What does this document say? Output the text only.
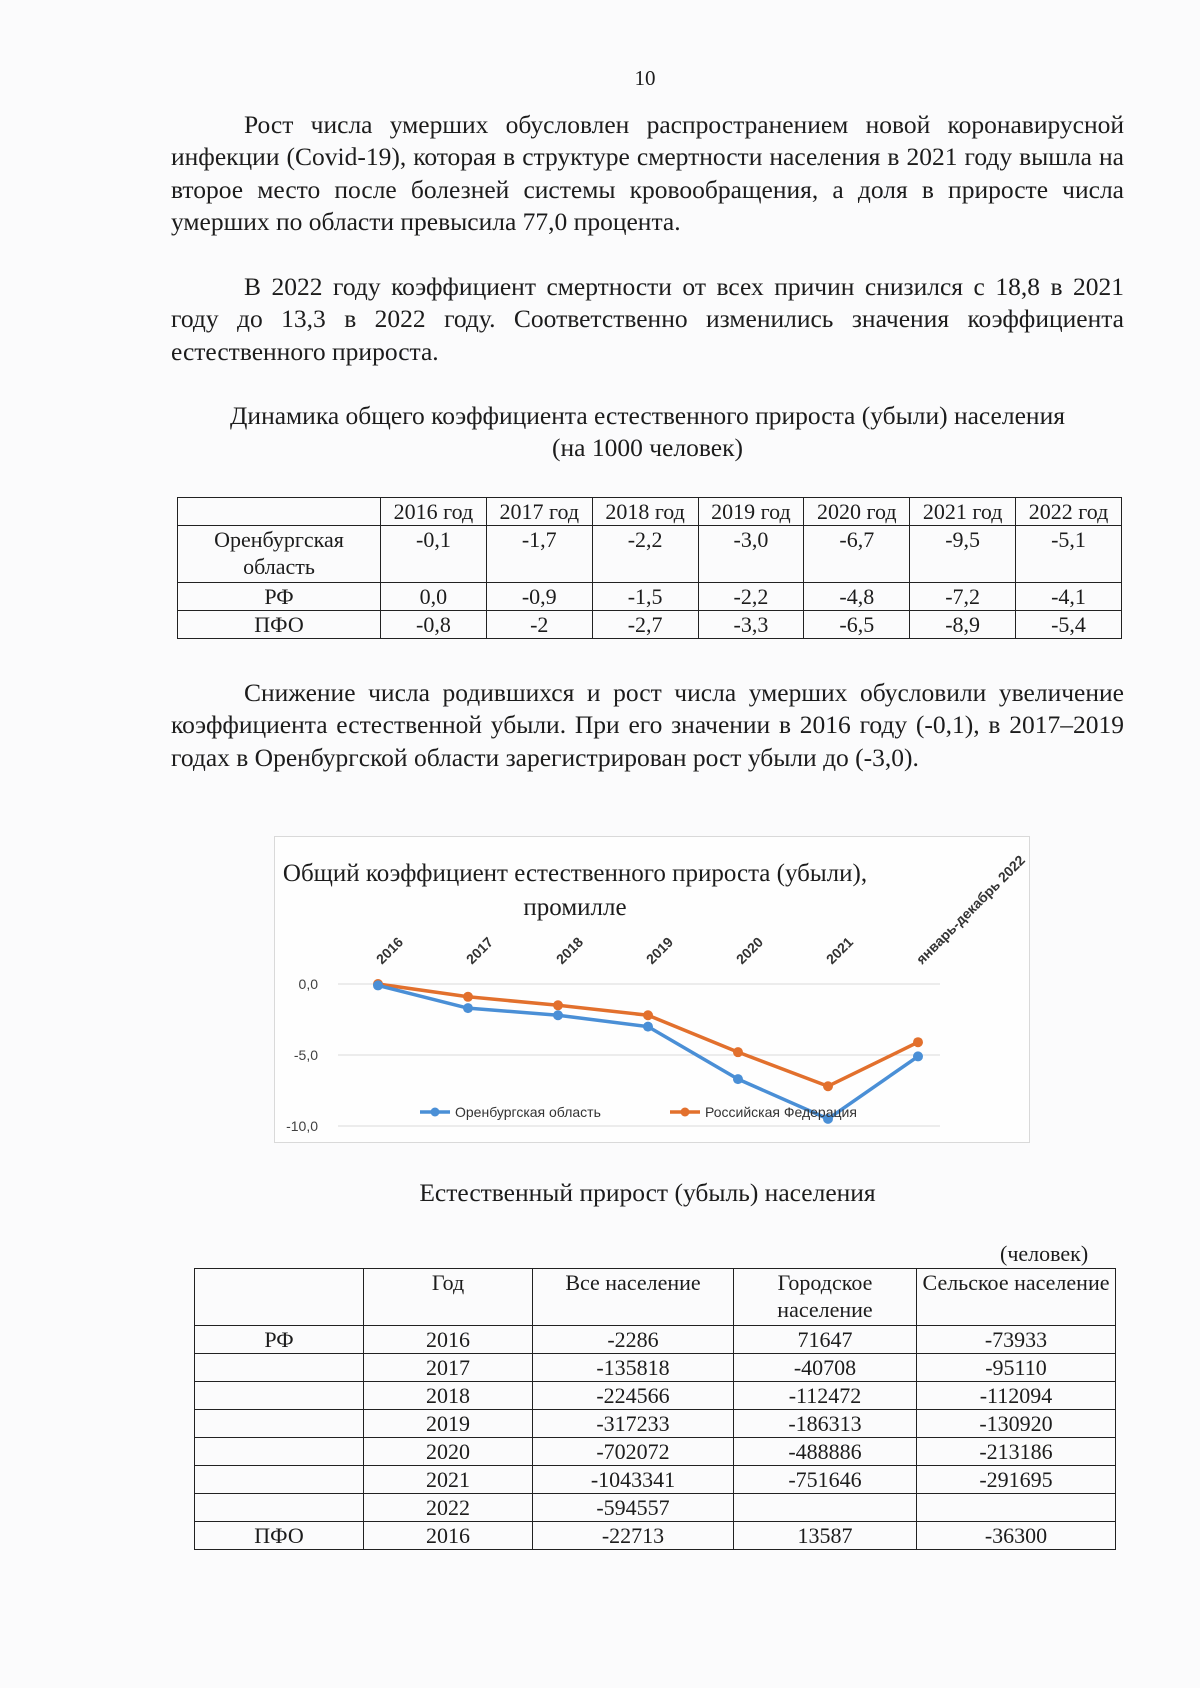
10

Рост числа умерших обусловлен распространением новой коронавирусной инфекции (Covid-19), которая в структуре смертности населения в 2021 году вышла на второе место после болезней системы кровообращения, а доля в приросте числа умерших по области превысила 77,0 процента.

В 2022 году коэффициент смертности от всех причин снизился с 18,8 в 2021 году до 13,3 в 2022 году. Соответственно изменились значения коэффициента естественного прироста.

Динамика общего коэффициента естественного прироста (убыли) населения
(на 1000 человек)
	2016 год	2017 год	2018 год	2019 год	2020 год	2021 год	2022 год
Оренбургская область	-0,1	-1,7	-2,2	-3,0	-6,7	-9,5	-5,1
РФ	0,0	-0,9	-1,5	-2,2	-4,8	-7,2	-4,1
ПФО	-0,8	-2	-2,7	-3,3	-6,5	-8,9	-5,4

Снижение числа родившихся и рост числа умерших обусловили увеличение коэффициента естественной убыли. При его значении в 2016 году (-0,1), в 2017–2019 годах в Оренбургской области зарегистрирован рост убыли до (-3,0).

Общий коэффициент естественного прироста (убыли), промилле
0,0
-5,0
-10,0
2016	2017	2018	2019	2020	2021	январь-декабрь 2022
Оренбургская область	Российская Федерация
Естественный прирост (убыль) населения
(человек)
	Год	Все население	Городское население	Сельское население
РФ	2016	-2286	71647	-73933
	2017	-135818	-40708	-95110
	2018	-224566	-112472	-112094
	2019	-317233	-186313	-130920
	2020	-702072	-488886	-213186
	2021	-1043341	-751646	-291695
	2022	-594557		
ПФО	2016	-22713	13587	-36300
